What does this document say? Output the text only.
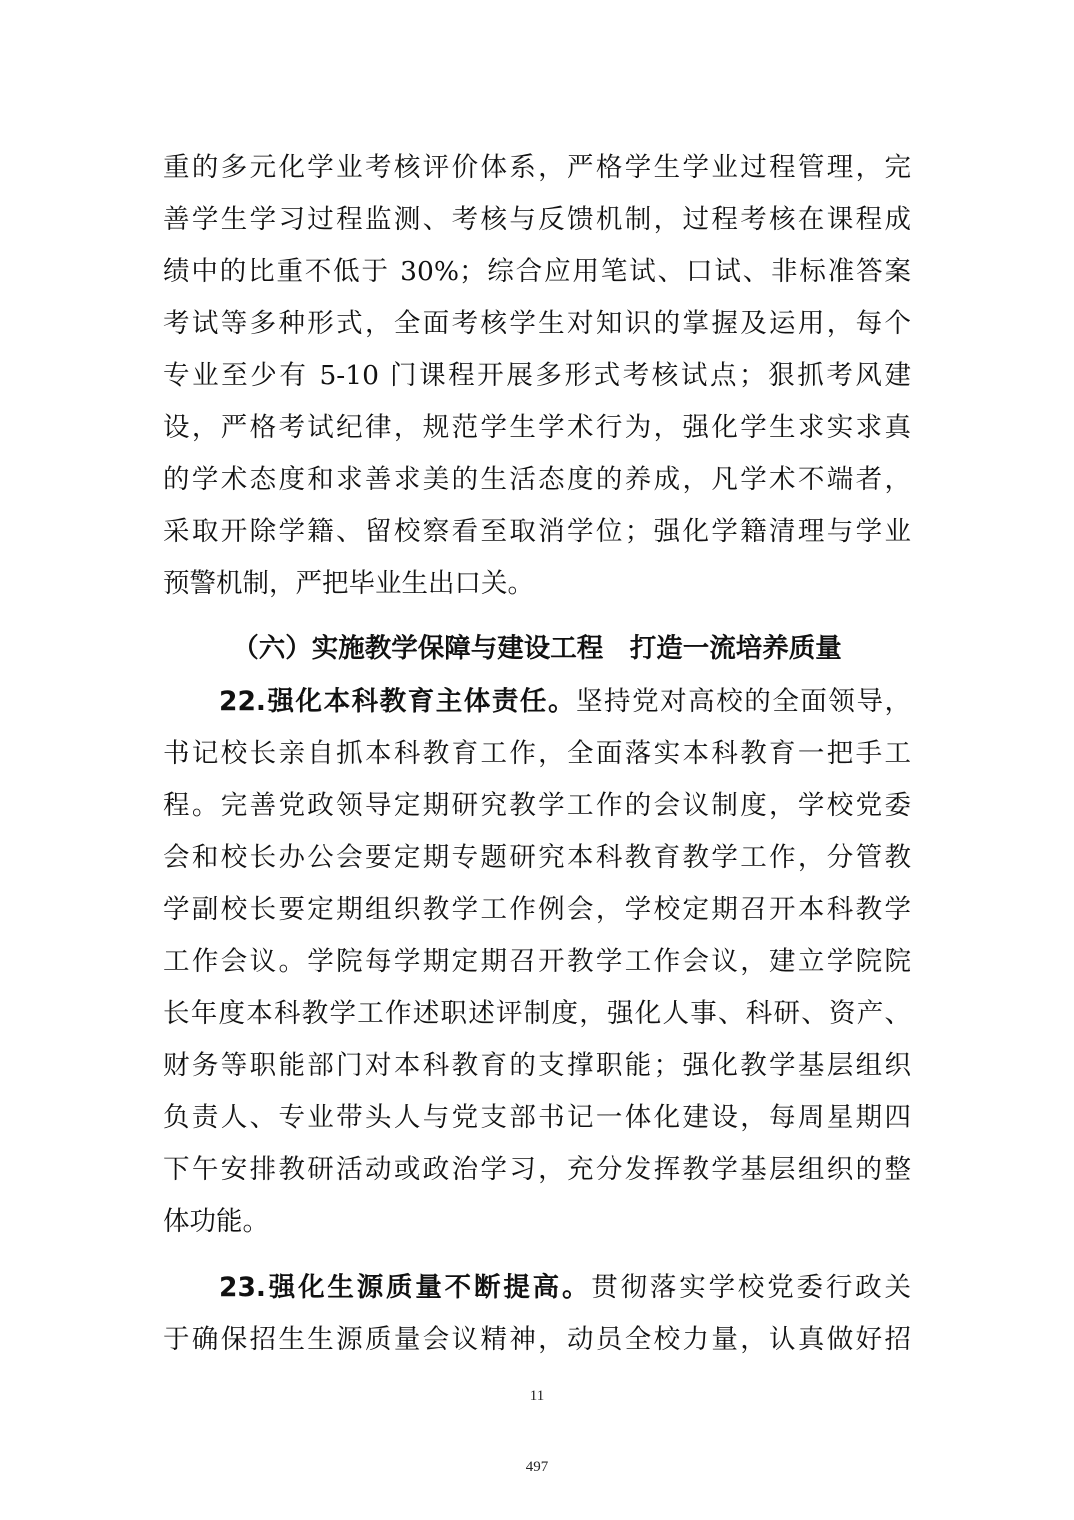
重的多元化学业考核评价体系，严格学生学业过程管理，完
善学生学习过程监测、考核与反馈机制，过程考核在课程成
绩中的比重不低于 30%；综合应用笔试、口试、非标准答案
考试等多种形式，全面考核学生对知识的掌握及运用，每个
专业至少有 5-10 门课程开展多形式考核试点；狠抓考风建
设，严格考试纪律，规范学生学术行为，强化学生求实求真
的学术态度和求善求美的生活态度的养成，凡学术不端者，
采取开除学籍、留校察看至取消学位；强化学籍清理与学业
预警机制，严把毕业生出口关。
（六）实施教学保障与建设工程　打造一流培养质量
22.强化本科教育主体责任。坚持党对高校的全面领导，
书记校长亲自抓本科教育工作，全面落实本科教育一把手工
程。完善党政领导定期研究教学工作的会议制度，学校党委
会和校长办公会要定期专题研究本科教育教学工作，分管教
学副校长要定期组织教学工作例会，学校定期召开本科教学
工作会议。学院每学期定期召开教学工作会议，建立学院院
长年度本科教学工作述职述评制度，强化人事、科研、资产、
财务等职能部门对本科教育的支撑职能；强化教学基层组织
负责人、专业带头人与党支部书记一体化建设，每周星期四
下午安排教研活动或政治学习，充分发挥教学基层组织的整
体功能。
23.强化生源质量不断提高。贯彻落实学校党委行政关
于确保招生生源质量会议精神，动员全校力量，认真做好招
11
497
